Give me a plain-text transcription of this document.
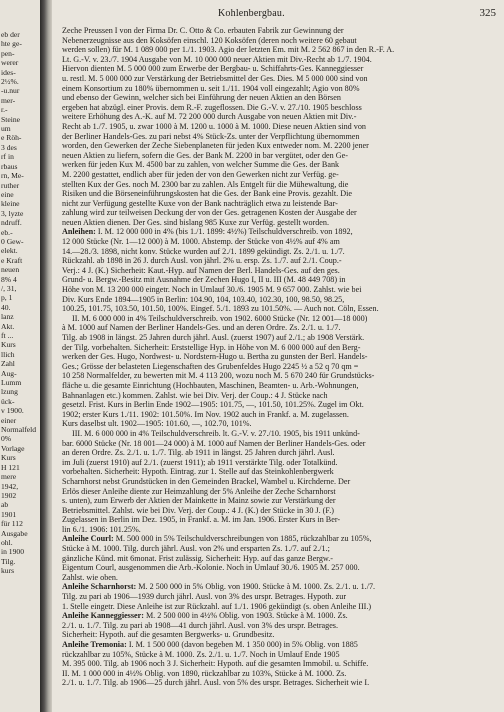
eb der
hte ge-
pen-
werer
ides-
2½%.
-u.nur
mer-
r.-
Steine
um
e Röh-
3 des
rf in
rbaus
rn, Me-
ruther
eine
kleine
3, lyzte
ndruff.
eb.-
0 Gew-
elekt.
e Kraft
neuen
8% 4
/, 31,
p, 1
40.
lanz
Akt.
ft ...
Kurs
llich
Zahl
Aug-
Lumm
lzung
ück-
v 1900.
einer
Normalfeld
0%
Vorlage
Kurs
H 121
mere
1942,
1902
ab
1901
für 112
Ausgabe
ohl.
in 1900
Tilg.
kurs
Kohlenbergbau.	325
Zeche Preussen I von der Firma Dr. C. Otto & Co. erbauten Fabrik zur Gewinnung der
Nebenerzeugnisse aus den Koksöfen einschl. 120 Koksöfen (deren noch weitere 60 gebaut
werden sollen) für M. 1 089 000 per 1./1. 1903. Agio der letzten Em. mit M. 2 562 867 in den R.-F. A.
Lt. G.-V. v. 23./7. 1904 Ausgabe von M. 10 000 000 neuer Aktien mit Div.-Recht ab 1./7. 1904.
Hiervon dienten M. 5 000 000 zum Erwerbe der Bergbau- u. Schiffahrts-Ges. Kanneggiesser
u. restl. M. 5 000 000 zur Verstärkung der Betriebsmittel der Ges. Dies. M 5 000 000 sind von
einem Konsortium zu 180% übernommen u. seit 1./11. 1904 voll eingezahlt; Agio von 80%
und ebenso der Gewinn, welcher sich bei Einführung der neuen Aktien an den Börsen
ergeben hat abzügl. einer Provis. dem R.-F. zugeflossen. Die G.-V. v. 27./10. 1905 beschloss
weitere Erhöhung des A.-K. auf M. 72 200 000 durch Ausgabe von neuen Aktien mit Div.-
Recht ab 1./7. 1905, u. zwar 1000 à M. 1200 u. 1000 à M. 1000. Diese neuen Aktien sind von
der Berliner Handels-Ges. zu pari nebst 4% Stück-Zs. unter der Verpflichtung übernommen
worden, den Gewerken der Zeche Siebenplaneten für jeden Kux entweder nom. M. 2200 jener
neuen Aktien zu liefern, sofern die Ges. der Bank M. 2200 in bar vergütet, oder den Ge-
werken für jeden Kux M. 4500 bar zu zahlen, von welcher Summe die Ges. der Bank
M. 2200 gestattet, endlich aber für jeden der von den Gewerken nicht zur Verfüg. ge-
stellten Kux der Ges. noch M. 2300 bar zu zahlen. Als Entgelt für die Mühewaltung, die
Risiken und die Börseneinführungskosten hat die Ges. der Bank eine Provis. gezahlt. Die
nicht zur Verfügung gestellte Kuxe von der Bank nachträglich etwa zu leistende Bar-
zahlung wird zur teilweisen Deckung der von der Ges. getragenen Kosten der Ausgabe der
neuen Aktien dienen. Der Ges. sind bislang 985 Kuxe zur Verfüg. gestellt worden.
Anleihen: I. M. 12 000 000 in 4% (bis 1./1. 1899: 4½%) Teilschuldverschreib. von 1892,
12 000 Stücke (Nr. 1—12 000) à M. 1000. Abstemp. der Stücke von 4½% auf 4% am
14.—28./3. 1898, nicht konv. Stücke wurden auf 2./1. 1899 gekündigt. Zs. 2./1. u. 1./7.
Rückzahl. ab 1898 in 26 J. durch Ausl. von jährl. 2% u. ersp. Zs. 1./7. auf 2./1. Coup.-
Verj.: 4 J. (K.) Sicherheit: Kaut.-Hyp. auf Namen der Berl. Handels-Ges. auf den ges.
Grund- u. Bergw.-Besitz mit Ausnahme der Zechen Hugo I, II u. III (M. 48 449 708) in
Höhe von M. 13 200 000 eingetr. Noch in Umlauf 30./6. 1905 M. 9 657 000. Zahlst. wie bei
Div. Kurs Ende 1894—1905 in Berlin: 104.90, 104, 103.40, 102.30, 100, 98.50, 98.25,
100.25, 101.75, 103.50, 101.50, 100%. Eingef. 5./1. 1893 zu 101.50%. — Auch not. Cöln, Essen.
II. M. 6 000 000 in 4% Teilschuldverschreib. von 1902. 6000 Stücke (Nr. 12 001—18 000)
à M. 1000 auf Namen der Berliner Handels-Ges. und an deren Ordre. Zs. 2./1. u. 1./7.
Tilg. ab 1908 in längst. 25 Jahren durch jährl. Ausl. (zuerst 1907) auf 2./1.; ab 1908 Verstärk.
der Tilg. vorbehalten. Sicherheit: Erststellige Hyp. in Höhe von M. 6 000 000 auf den Berg-
werken der Ges. Hugo, Nordwest- u. Nordstern-Hugo u. Bertha zu gunsten der Berl. Handels-
Ges.; Grösse der belasteten Liegenschaften des Grubenfeldes Hugo 2245 ½ a 52 q 70 qm =
10 258 Normalfelder, zu bewerten mit M. 4 113 200, wozu noch M. 5 670 240 für Grundstücks-
fläche u. die gesamte Einrichtung (Hochbauten, Maschinen, Beamten- u. Arb.-Wohnungen,
Bahnanlagen etc.) kommen. Zahlst. wie bei Div. Verj. der Coup.: 4 J. Stücke nach
gesetzl. Frist. Kurs in Berlin Ende 1902—1905: 101.75, —, 101.50, 101.25%. Zugel im Okt.
1902; erster Kurs 1./11. 1902: 101.50%. Im Nov. 1902 auch in Frankf. a. M. zugelassen.
Kurs daselbst ult. 1902—1905: 101.60, —, 102.70, 101%.
III. M. 6 000 000 in 4% Teilschuldverschreib. lt. G.-V. v. 27./10. 1905, bis 1911 unkünd-
bar. 6000 Stücke (Nr. 18 001—24 000) à M. 1000 auf Namen der Berliner Handels-Ges. oder
an deren Ordre. Zs. 2./1. u. 1./7. Tilg. ab 1911 in längst. 25 Jahren durch jährl. Ausl.
im Juli (zuerst 1910) auf 2./1. (zuerst 1911); ab 1911 verstärkte Tilg. oder Totalkünd.
vorbehalten. Sicherheit: Hypoth. Eintrag. zur 1. Stelle auf das Steinkohlenbergwerk
Scharnhorst nebst Grundstücken in den Gemeinden Brackel, Wambel u. Kirchderne. Der
Erlös dieser Anleihe diente zur Heimzahlung der 5% Anleihe der Zeche Scharnhorst
s. unten), zum Erwerb der Aktien der Mainkette in Mainz sowie zur Verstärkung der
Betriebsmittel. Zahlst. wie bei Div. Verj. der Coup.: 4 J. (K.) der Stücke in 30 J. (F.)
Zugelassen in Berlin im Dez. 1905, in Frankf. a. M. im Jan. 1906. Erster Kurs in Ber-
lin 6./1. 1906: 101.25%.
Anleihe Courl: M. 500 000 in 5% Teilschuldverschreibungen von 1885, rückzahlbar zu 105%,
Stücke à M. 1000. Tilg. durch jährl. Ausl. von 2% und ersparten Zs. 1./7. auf 2./1.;
gänzliche Künd. mit 6monat. Frist zulässig. Sicherheit: Hyp. auf das ganze Bergw.-
Eigentum Courl, ausgenommen die Arb.-Kolonie. Noch in Umlauf 30./6. 1905 M. 257 000.
Zahlst. wie oben.
Anleihe Scharnhorst: M. 2 500 000 in 5% Oblig. von 1900. Stücke à M. 1000. Zs. 2./1. u. 1./7.
Tilg. zu pari ab 1906—1939 durch jährl. Ausl. von 3% des urspr. Betrages. Hypoth. zur
1. Stelle eingetr. Diese Anleihe ist zur Rückzahl. auf 1./1. 1906 gekündigt (s. oben Anleihe III.)
Anleihe Kanneggiesser: M. 2 500 000 in 4½% Oblig. von 1903. Stücke à M. 1000. Zs.
2./1. u. 1./7. Tilg. zu pari ab 1908—41 durch jährl. Ausl. von 3% des urspr. Betrages.
Sicherheit: Hypoth. auf die gesamten Bergwerks- u. Grundbesitz.
Anleihe Tremonia: I. M. 1 500 000 (davon begeben M. 1 350 000) in 5% Oblig. von 1885
rückzahlbar zu 105%, Stücke à M. 1000. Zs. 2./1. u. 1./7. Noch in Umlauf Ende 1905
M. 395 000. Tilg. ab 1906 noch 3 J. Sicherheit: Hypoth. auf die gesamten Immobil. u. Schiffe.
II. M. 1 000 000 in 4½% Oblig. von 1890, rückzahlbar zu 103%, Stücke à M. 1000. Zs.
2./1. u. 1./7. Tilg. ab 1906—25 durch jährl. Ausl. von 5% des urspr. Betrages. Sicherheit wie I.
